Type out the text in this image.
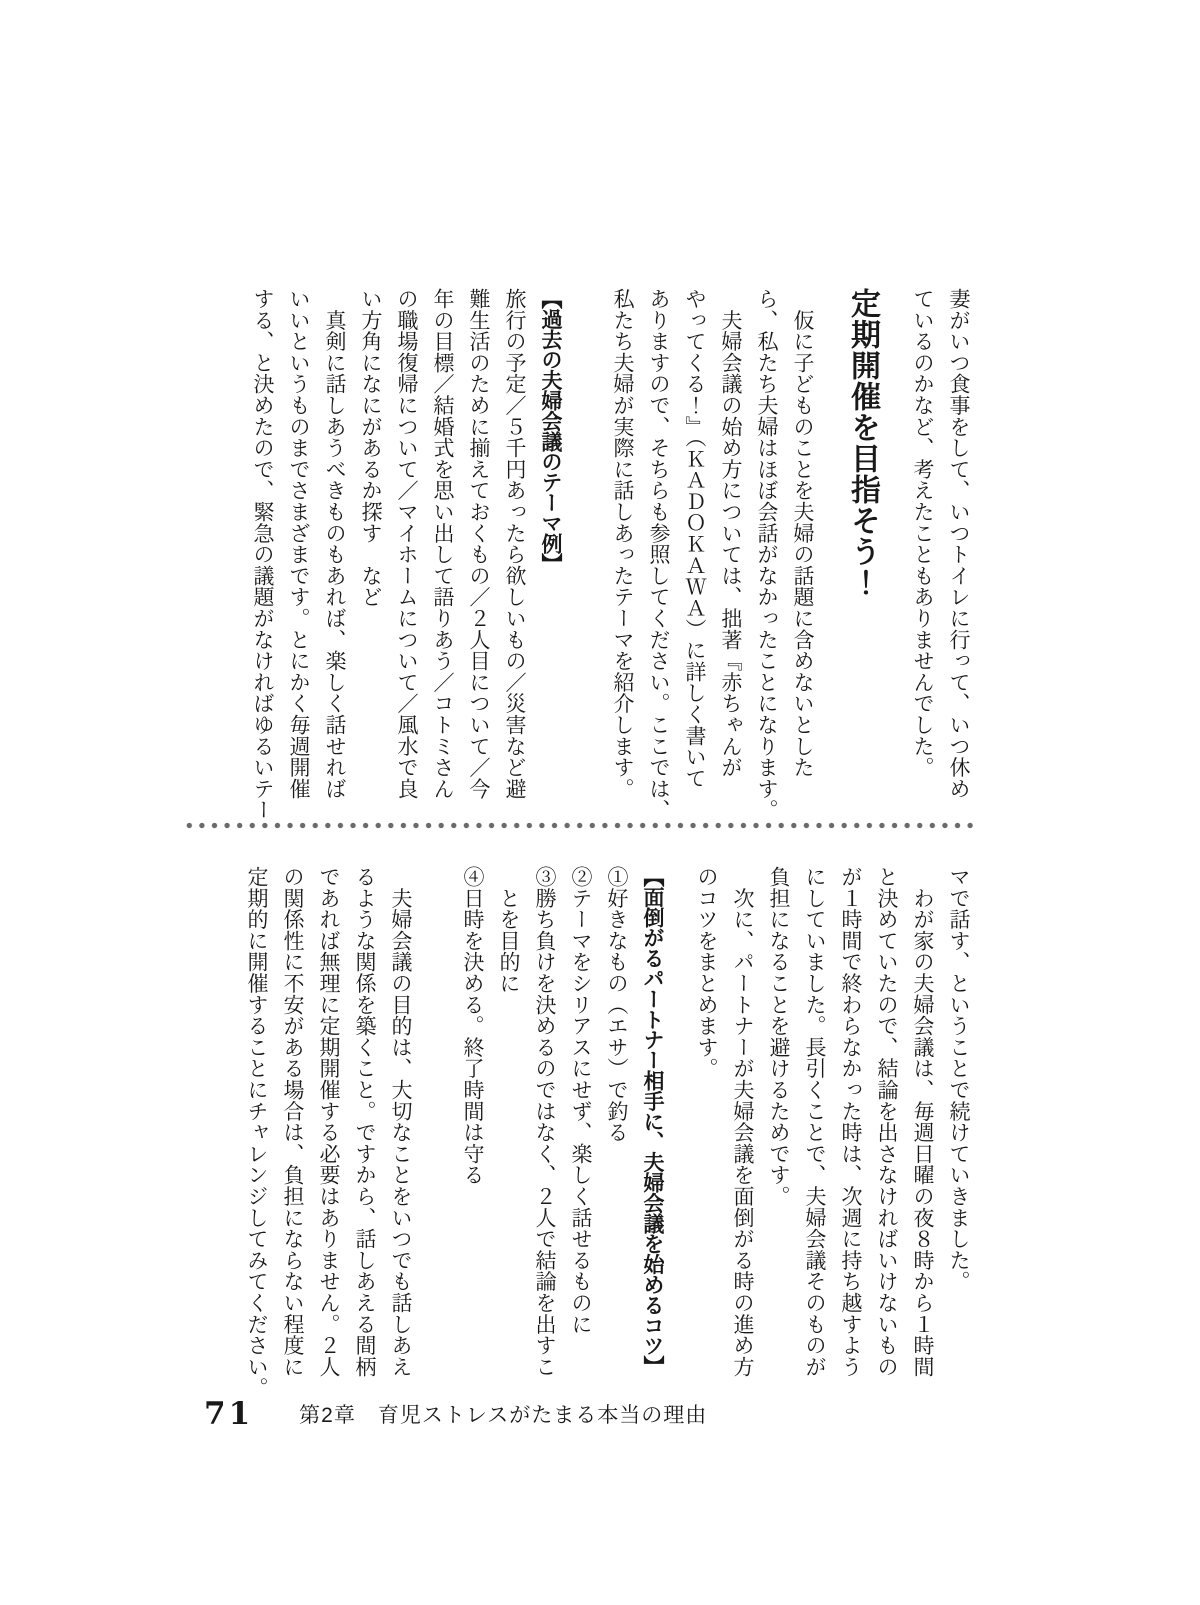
妻がいつ食事をして、いつトイレに行って、いつ休め
ているのかなど、考えたこともありませんでした。
定期開催を目指そう！
　仮に子どものことを夫婦の話題に含めないとした
ら、私たち夫婦はほぼ会話がなかったことになります。
　夫婦会議の始め方については、拙著『赤ちゃんが
やってくる！』（ＫＡＤＯＫＡＷＡ）に詳しく書いて
ありますので、そちらも参照してください。ここでは、
私たち夫婦が実際に話しあったテーマを紹介します。
【過去の夫婦会議のテーマ例】
旅行の予定／５千円あったら欲しいもの／災害など避
難生活のために揃えておくもの／２人目について／今
年の目標／結婚式を思い出して語りあう／コトミさん
の職場復帰について／マイホームについて／風水で良
い方角になにがあるか探す　など
　真剣に話しあうべきものもあれば、楽しく話せれば
いいというものまでさまざまです。とにかく毎週開催
する、と決めたので、緊急の議題がなければゆるいテー
マで話す、ということで続けていきました。
　わが家の夫婦会議は、毎週日曜の夜８時から１時間
と決めていたので、結論を出さなければいけないもの
が１時間で終わらなかった時は、次週に持ち越すよう
にしていました。長引くことで、夫婦会議そのものが
負担になることを避けるためです。
　次に、パートナーが夫婦会議を面倒がる時の進め方
のコツをまとめます。
【面倒がるパートナー相手に、夫婦会議を始めるコツ】
①好きなもの（エサ）で釣る
②テーマをシリアスにせず、楽しく話せるものに
③勝ち負けを決めるのではなく、２人で結論を出すこ
　とを目的に
④日時を決める。終了時間は守る
　夫婦会議の目的は、大切なことをいつでも話しあえ
るような関係を築くこと。ですから、話しあえる間柄
であれば無理に定期開催する必要はありません。２人
の関係性に不安がある場合は、負担にならない程度に
定期的に開催することにチャレンジしてみてください。
71 第2章　育児ストレスがたまる本当の理由
